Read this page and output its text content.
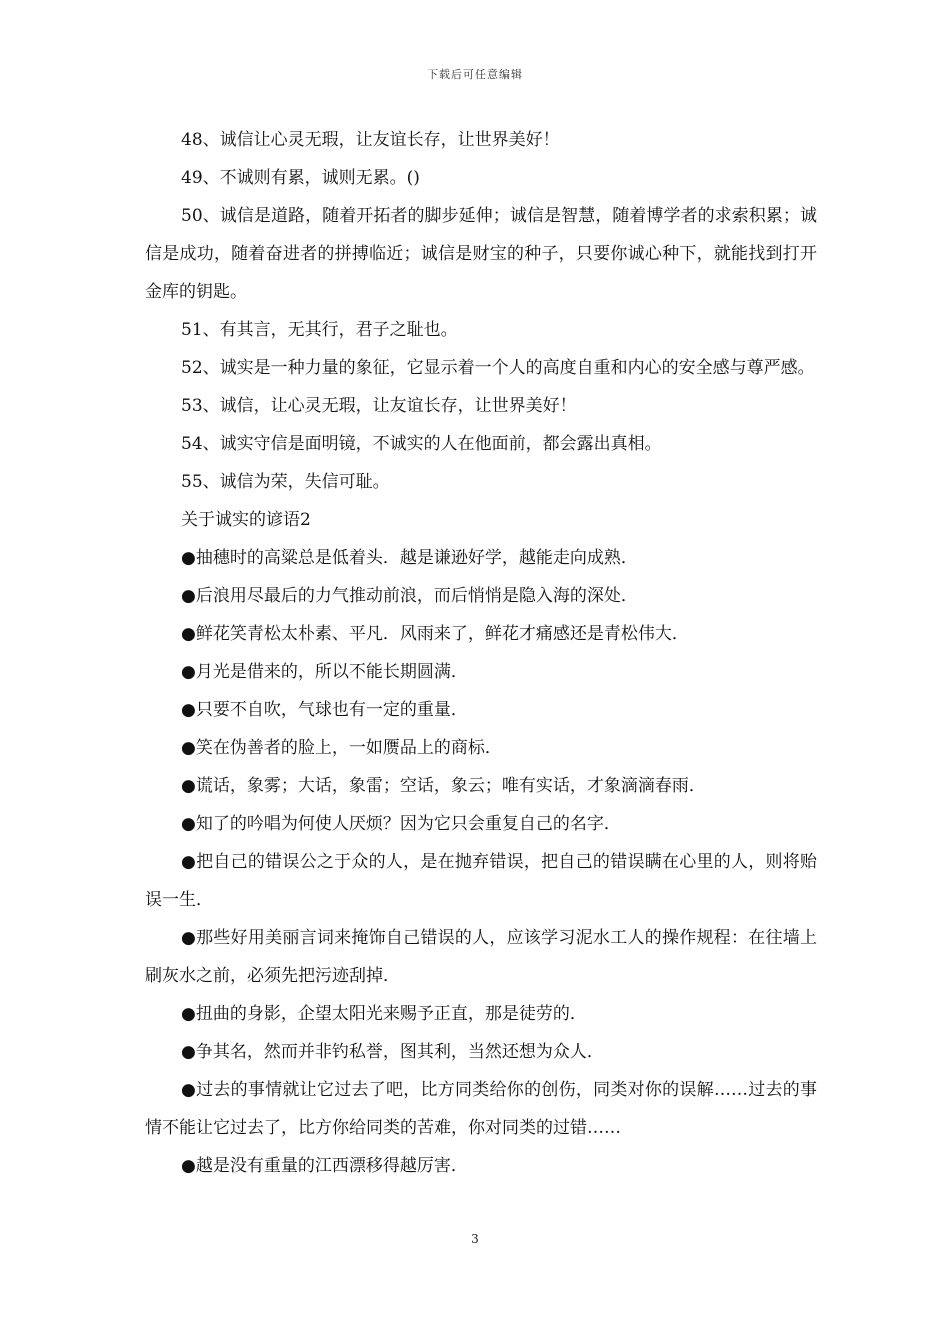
下载后可任意编辑

48、诚信让心灵无瑕，让友谊长存，让世界美好！

49、不诚则有累，诚则无累。()

50、诚信是道路，随着开拓者的脚步延伸；诚信是智慧，随着博学者的求索积累；诚信是成功，随着奋进者的拼搏临近；诚信是财宝的种子，只要你诚心种下，就能找到打开金库的钥匙。

51、有其言，无其行，君子之耻也。

52、诚实是一种力量的象征，它显示着一个人的高度自重和内心的安全感与尊严感。

53、诚信，让心灵无瑕，让友谊长存，让世界美好！

54、诚实守信是面明镜，不诚实的人在他面前，都会露出真相。

55、诚信为荣，失信可耻。

关于诚实的谚语2

●抽穗时的高粱总是低着头．越是谦逊好学，越能走向成熟．

●后浪用尽最后的力气推动前浪，而后悄悄是隐入海的深处．

●鲜花笑青松太朴素、平凡．风雨来了，鲜花才痛感还是青松伟大．

●月光是借来的，所以不能长期圆满．

●只要不自吹，气球也有一定的重量．

●笑在伪善者的脸上，一如赝品上的商标．

●谎话，象雾；大话，象雷；空话，象云；唯有实话，才象滴滴春雨．

●知了的吟唱为何使人厌烦？因为它只会重复自己的名字．

●把自己的错误公之于众的人，是在抛弃错误，把自己的错误瞒在心里的人，则将贻误一生．

●那些好用美丽言词来掩饰自己错误的人，应该学习泥水工人的操作规程：在往墙上刷灰水之前，必须先把污迹刮掉．

●扭曲的身影，企望太阳光来赐予正直，那是徒劳的．

●争其名，然而并非钓私誉，图其利，当然还想为众人．

●过去的事情就让它过去了吧，比方同类给你的创伤，同类对你的误解……过去的事情不能让它过去了，比方你给同类的苦难，你对同类的过错……

●越是没有重量的江西漂移得越厉害．

3
